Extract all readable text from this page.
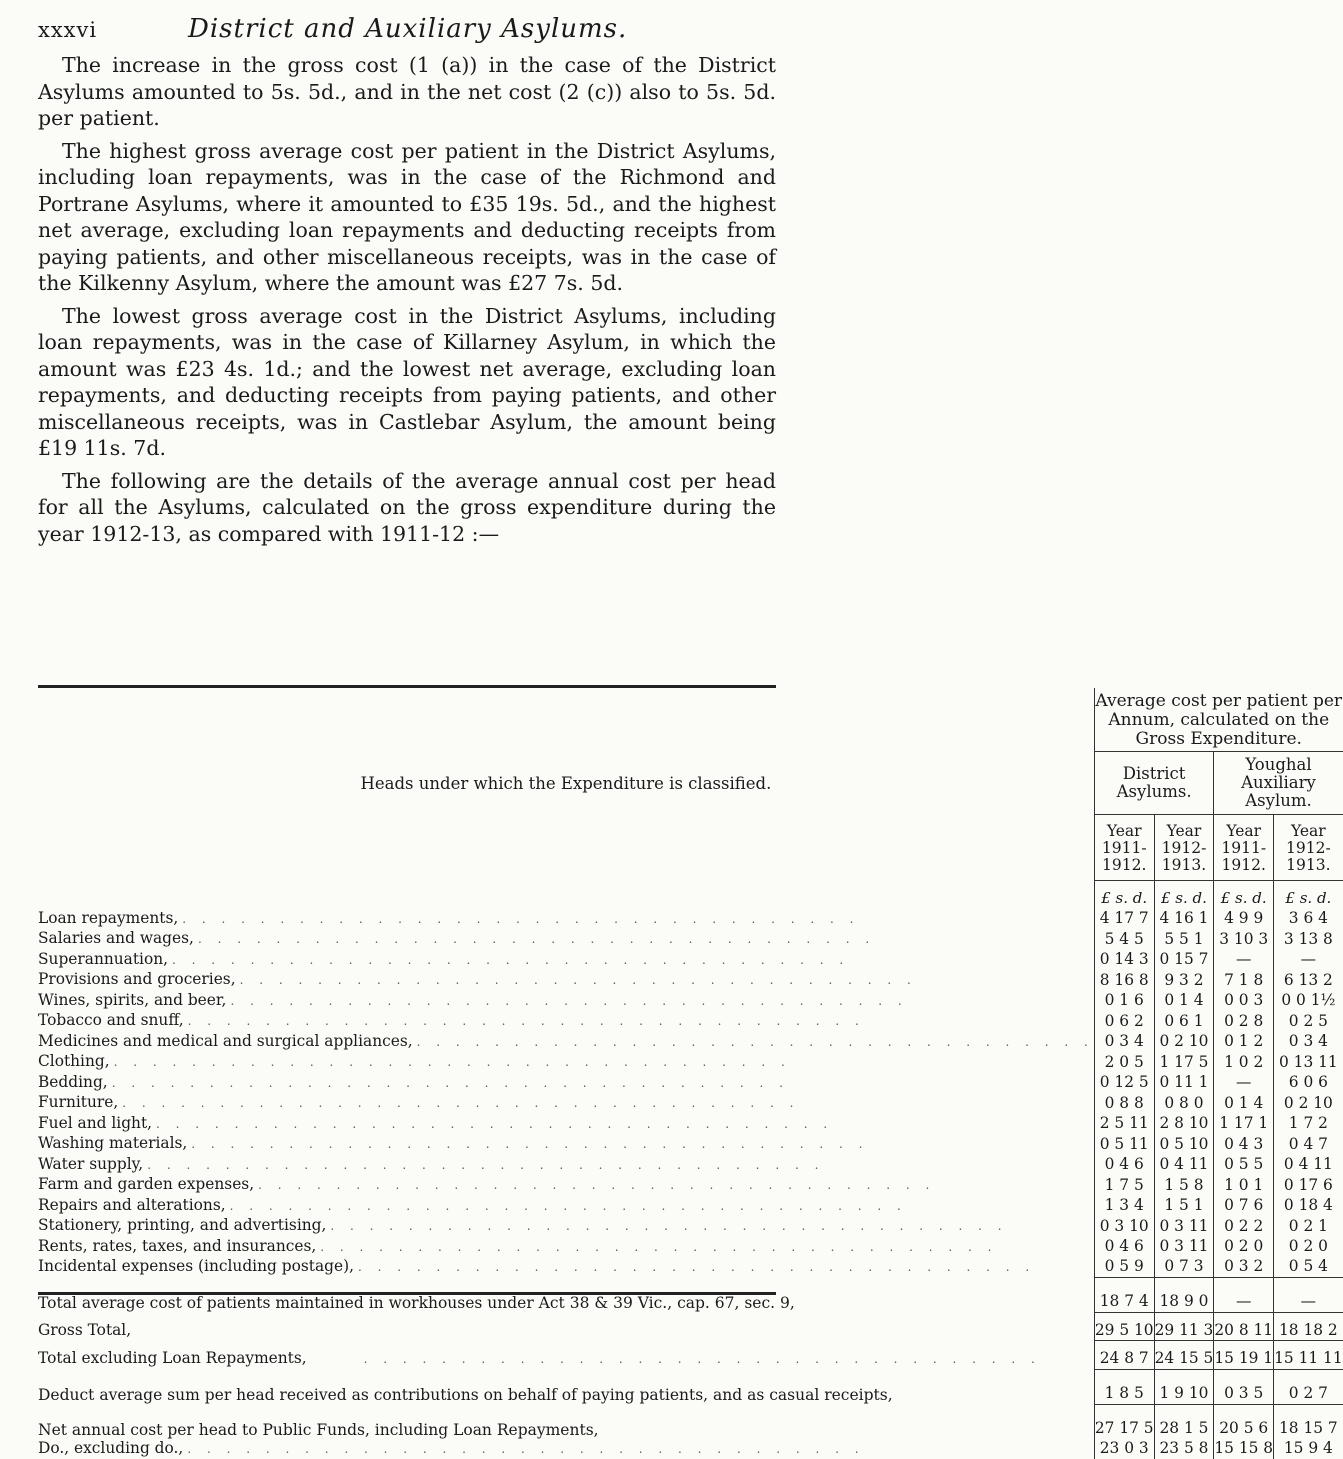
xxxvi	District and Auxiliary Asylums.

The increase in the gross cost (1 (a)) in the case of the District Asylums amounted to 5s. 5d., and in the net cost (2 (c)) also to 5s. 5d. per patient.

The highest gross average cost per patient in the District Asylums, including loan repayments, was in the case of the Richmond and Portrane Asylums, where it amounted to £35 19s. 5d., and the highest net average, excluding loan repayments and deducting receipts from paying patients, and other miscellaneous receipts, was in the case of the Kilkenny Asylum, where the amount was £27 7s. 5d.

The lowest gross average cost in the District Asylums, including loan repayments, was in the case of Killarney Asylum, in which the amount was £23 4s. 1d.; and the lowest net average, excluding loan repayments, and deducting receipts from paying patients, and other miscellaneous receipts, was in Castlebar Asylum, the amount being £19 11s. 7d.

The following are the details of the average annual cost per head for all the Asylums, calculated on the gross expenditure during the year 1912-13, as compared with 1911-12 :—

Heads under which the Expenditure is classified.	Average cost per patient per Annum, calculated on the Gross Expenditure.			
	District Asylums.		Youghal Auxiliary Asylum.	
	Year 1911-1912.	Year 1912-1913.	Year 1911-1912.	Year 1912-1913.
	£ s. d.	£ s. d.	£ s. d.	£ s. d.

Loan repayments, . . . . . . . . . . . . . . . . . . . . . . . . . . . . . . . . . . .	4 17 7	4 16 1	4 9 9	3 6 4

Salaries and wages, . . . . . . . . . . . . . . . . . . . . . . . . . . . . . . . . . . .	5 4 5	5 5 1	3 10 3	3 13 8

Superannuation, . . . . . . . . . . . . . . . . . . . . . . . . . . . . . . . . . . .	0 14 3	0 15 7	—	—

Provisions and groceries, . . . . . . . . . . . . . . . . . . . . . . . . . . . . . . . . . . .	8 16 8	9 3 2	7 1 8	6 13 2

Wines, spirits, and beer, . . . . . . . . . . . . . . . . . . . . . . . . . . . . . . . . . . .	0 1 6	0 1 4	0 0 3	0 0 1½

Tobacco and snuff, . . . . . . . . . . . . . . . . . . . . . . . . . . . . . . . . . . .	0 6 2	0 6 1	0 2 8	0 2 5

Medicines and medical and surgical appliances, . . . . . . . . . . . . . . . . . . . . . . . . . . . . . . . . . . .	0 3 4	0 2 10	0 1 2	0 3 4

Clothing, . . . . . . . . . . . . . . . . . . . . . . . . . . . . . . . . . . .	2 0 5	1 17 5	1 0 2	0 13 11

Bedding, . . . . . . . . . . . . . . . . . . . . . . . . . . . . . . . . . . .	0 12 5	0 11 1	—	6 0 6

Furniture, . . . . . . . . . . . . . . . . . . . . . . . . . . . . . . . . . . .	0 8 8	0 8 0	0 1 4	0 2 10

Fuel and light, . . . . . . . . . . . . . . . . . . . . . . . . . . . . . . . . . . .	2 5 11	2 8 10	1 17 1	1 7 2

Washing materials, . . . . . . . . . . . . . . . . . . . . . . . . . . . . . . . . . . .	0 5 11	0 5 10	0 4 3	0 4 7

Water supply, . . . . . . . . . . . . . . . . . . . . . . . . . . . . . . . . . . .	0 4 6	0 4 11	0 5 5	0 4 11

Farm and garden expenses, . . . . . . . . . . . . . . . . . . . . . . . . . . . . . . . . . . .	1 7 5	1 5 8	1 0 1	0 17 6

Repairs and alterations, . . . . . . . . . . . . . . . . . . . . . . . . . . . . . . . . . . .	1 3 4	1 5 1	0 7 6	0 18 4

Stationery, printing, and advertising, . . . . . . . . . . . . . . . . . . . . . . . . . . . . . . . . . . .	0 3 10	0 3 11	0 2 2	0 2 1

Rents, rates, taxes, and insurances, . . . . . . . . . . . . . . . . . . . . . . . . . . . . . . . . . . .	0 4 6	0 3 11	0 2 0	0 2 0

Incidental expenses (including postage), . . . . . . . . . . . . . . . . . . . . . . . . . . . . . . . . . . .	0 5 9	0 7 3	0 3 2	0 5 4

Total average cost of patients maintained in workhouses under Act 38 & 39 Vic., cap. 67, sec. 9,	18 7 4	18 9 0	—	—

Gross Total,	29 5 10	29 11 3	20 8 11	18 18 2

Total excluding Loan Repayments, . . . . . . . . . . . . . . . . . . . . . . . . . . . . . . . . . . .	24 8 7	24 15 5	15 19 1	15 11 11

Deduct average sum per head received as contributions on behalf of paying patients, and as casual receipts,	1 8 5	1 9 10	0 3 5	0 2 7

Net annual cost per head to Public Funds, including Loan Repayments,	27 17 5	28 1 5	20 5 6	18 15 7

Do., excluding do., . . . . . . . . . . . . . . . . . . . . . . . . . . . . . . . . . . .	23 0 3	23 5 8	15 15 8	15 9 4
